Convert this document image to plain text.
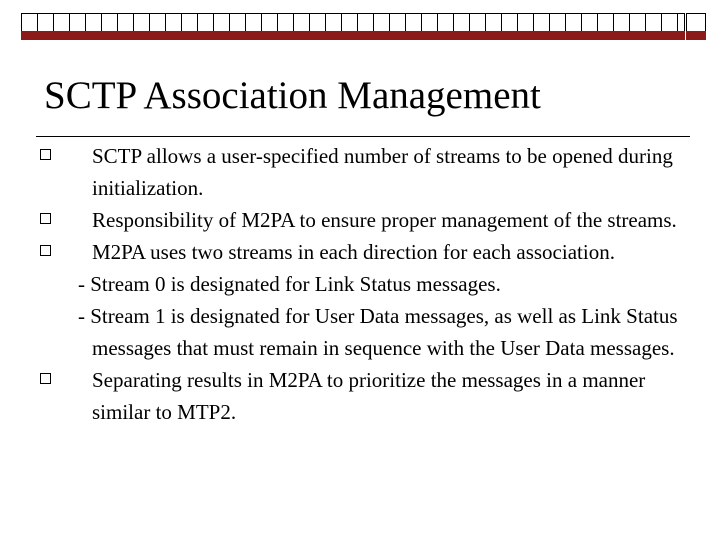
SCTP Association Management
SCTP allows a user-specified number of streams to be opened during initialization.
Responsibility of M2PA to ensure proper management of the streams.
M2PA uses two streams in each direction for each association.
- Stream 0 is designated for Link Status messages.
- Stream 1 is designated for User Data messages, as well as Link Status messages that must remain in sequence with the User Data messages.
Separating results in M2PA to prioritize the messages in a manner similar to MTP2.
